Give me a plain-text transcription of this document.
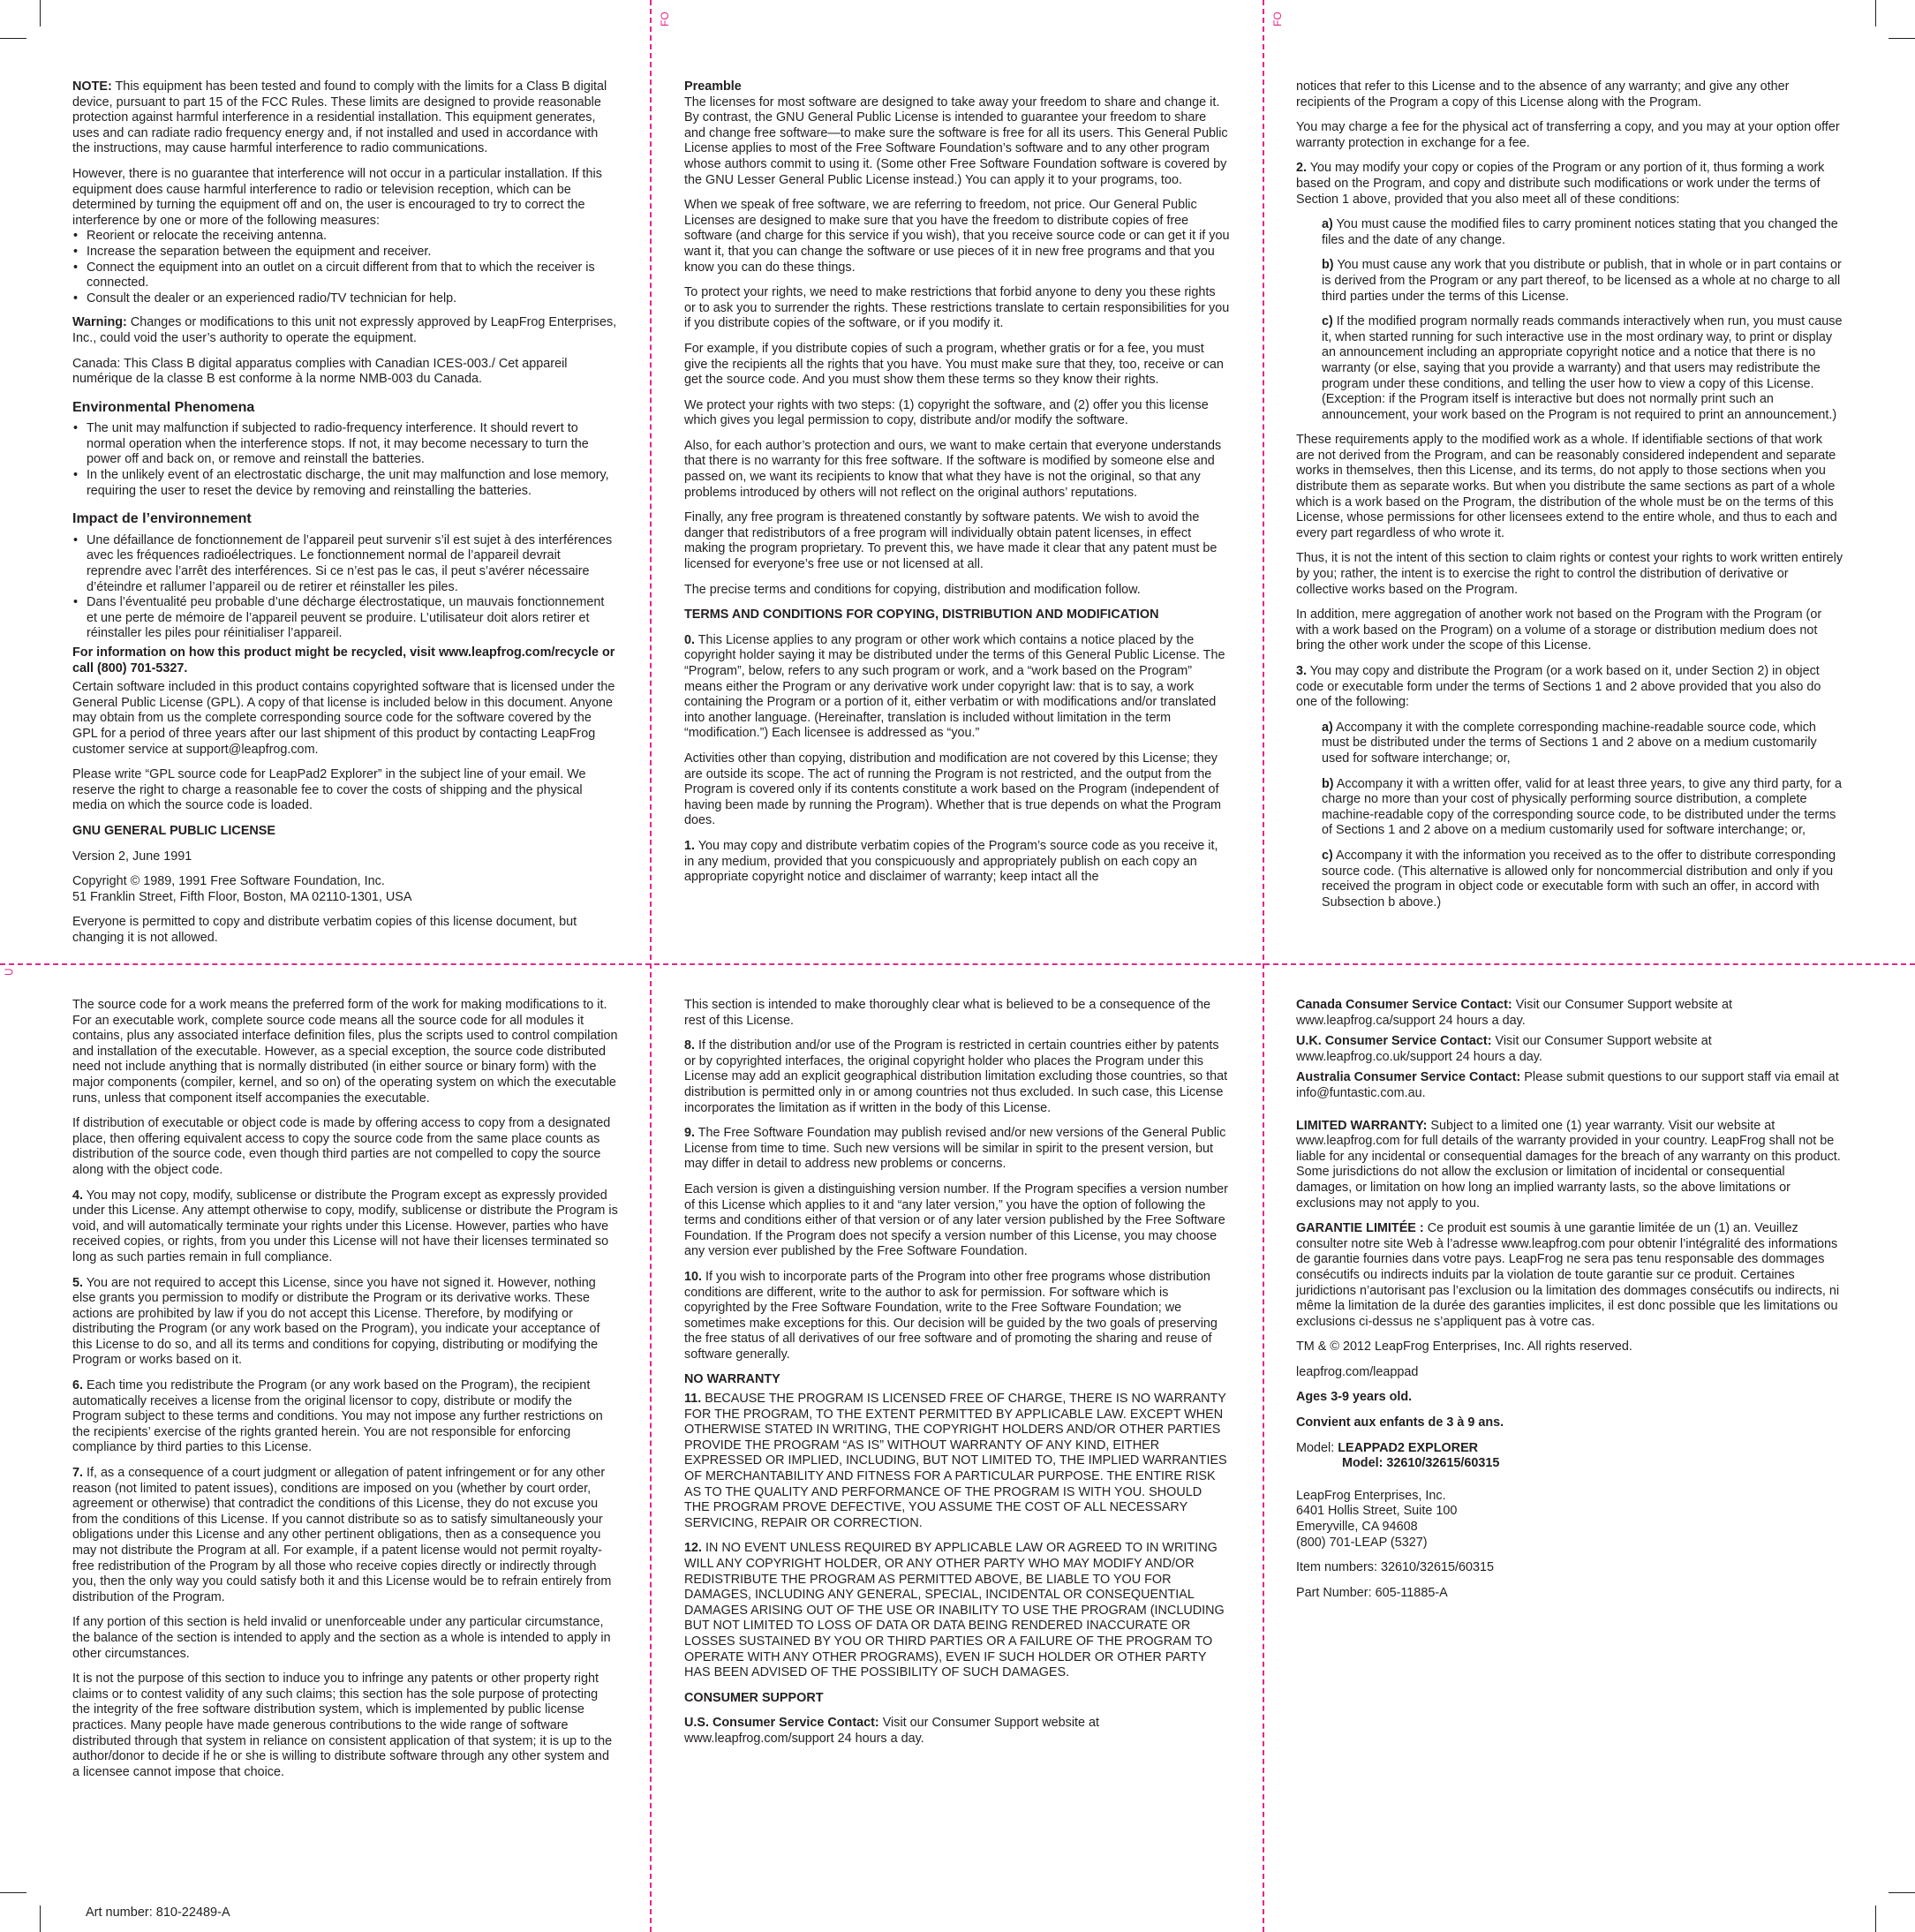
FO	FO
⊃

NOTE: This equipment has been tested and found to comply with the limits for a Class B digital device, pursuant to part 15 of the FCC Rules. These limits are designed to provide reasonable protection against harmful interference in a residential installation. This equipment generates, uses and can radiate radio frequency energy and, if not installed and used in accordance with the instructions, may cause harmful interference to radio communications.

However, there is no guarantee that interference will not occur in a particular installation. If this equipment does cause harmful interference to radio or television reception, which can be determined by turning the equipment off and on, the user is encouraged to try to correct the interference by one or more of the following measures:

• Reorient or relocate the receiving antenna.
• Increase the separation between the equipment and receiver.
• Connect the equipment into an outlet on a circuit different from that to which the receiver is connected.
• Consult the dealer or an experienced radio/TV technician for help.

Warning: Changes or modifications to this unit not expressly approved by LeapFrog Enterprises, Inc., could void the user’s authority to operate the equipment.

Canada: This Class B digital apparatus complies with Canadian ICES-003./ Cet appareil numérique de la classe B est conforme à la norme NMB-003 du Canada.

Environmental Phenomena
• The unit may malfunction if subjected to radio-frequency interference. It should revert to normal operation when the interference stops. If not, it may become necessary to turn the power off and back on, or remove and reinstall the batteries.
• In the unlikely event of an electrostatic discharge, the unit may malfunction and lose memory, requiring the user to reset the device by removing and reinstalling the batteries.
Impact de l’environnement
• Une défaillance de fonctionnement de l’appareil peut survenir s’il est sujet à des interférences avec les fréquences radioélectriques. Le fonctionnement normal de l’appareil devrait reprendre avec l’arrêt des interférences. Si ce n’est pas le cas, il peut s’avérer nécessaire d’éteindre et rallumer l’appareil ou de retirer et réinstaller les piles.
• Dans l’éventualité peu probable d’une décharge électrostatique, un mauvais fonctionnement et une perte de mémoire de l’appareil peuvent se produire. L’utilisateur doit alors retirer et réinstaller les piles pour réinitialiser l’appareil.

For information on how this product might be recycled, visit www.leapfrog.com/recycle or call (800) 701-5327.

Certain software included in this product contains copyrighted software that is licensed under the General Public License (GPL). A copy of that license is included below in this document. Anyone may obtain from us the complete corresponding source code for the software covered by the GPL for a period of three years after our last shipment of this product by contacting LeapFrog customer service at support@leapfrog.com.

Please write “GPL source code for LeapPad2 Explorer” in the subject line of your email. We reserve the right to charge a reasonable fee to cover the costs of shipping and the physical media on which the source code is loaded.

GNU GENERAL PUBLIC LICENSE

Version 2, June 1991

Copyright © 1989, 1991 Free Software Foundation, Inc.
51 Franklin Street, Fifth Floor, Boston, MA 02110-1301, USA

Everyone is permitted to copy and distribute verbatim copies of this license document, but changing it is not allowed.

Preamble

The licenses for most software are designed to take away your freedom to share and change it. By contrast, the GNU General Public License is intended to guarantee your freedom to share and change free software—to make sure the software is free for all its users. This General Public License applies to most of the Free Software Foundation’s software and to any other program whose authors commit to using it. (Some other Free Software Foundation software is covered by the GNU Lesser General Public License instead.) You can apply it to your programs, too.

When we speak of free software, we are referring to freedom, not price. Our General Public Licenses are designed to make sure that you have the freedom to distribute copies of free software (and charge for this service if you wish), that you receive source code or can get it if you want it, that you can change the software or use pieces of it in new free programs and that you know you can do these things.

To protect your rights, we need to make restrictions that forbid anyone to deny you these rights or to ask you to surrender the rights. These restrictions translate to certain responsibilities for you if you distribute copies of the software, or if you modify it.

For example, if you distribute copies of such a program, whether gratis or for a fee, you must give the recipients all the rights that you have. You must make sure that they, too, receive or can get the source code. And you must show them these terms so they know their rights.

We protect your rights with two steps: (1) copyright the software, and (2) offer you this license which gives you legal permission to copy, distribute and/or modify the software.

Also, for each author’s protection and ours, we want to make certain that everyone understands that there is no warranty for this free software. If the software is modified by someone else and passed on, we want its recipients to know that what they have is not the original, so that any problems introduced by others will not reflect on the original authors’ reputations.

Finally, any free program is threatened constantly by software patents. We wish to avoid the danger that redistributors of a free program will individually obtain patent licenses, in effect making the program proprietary. To prevent this, we have made it clear that any patent must be licensed for everyone’s free use or not licensed at all.

The precise terms and conditions for copying, distribution and modification follow.

TERMS AND CONDITIONS FOR COPYING, DISTRIBUTION AND MODIFICATION

0. This License applies to any program or other work which contains a notice placed by the copyright holder saying it may be distributed under the terms of this General Public License. The “Program”, below, refers to any such program or work, and a “work based on the Program” means either the Program or any derivative work under copyright law: that is to say, a work containing the Program or a portion of it, either verbatim or with modifications and/or translated into another language. (Hereinafter, translation is included without limitation in the term “modification.”) Each licensee is addressed as “you.”

Activities other than copying, distribution and modification are not covered by this License; they are outside its scope. The act of running the Program is not restricted, and the output from the Program is covered only if its contents constitute a work based on the Program (independent of having been made by running the Program). Whether that is true depends on what the Program does.

1. You may copy and distribute verbatim copies of the Program’s source code as you receive it, in any medium, provided that you conspicuously and appropriately publish on each copy an appropriate copyright notice and disclaimer of warranty; keep intact all the

notices that refer to this License and to the absence of any warranty; and give any other recipients of the Program a copy of this License along with the Program.

You may charge a fee for the physical act of transferring a copy, and you may at your option offer warranty protection in exchange for a fee.

2. You may modify your copy or copies of the Program or any portion of it, thus forming a work based on the Program, and copy and distribute such modifications or work under the terms of Section 1 above, provided that you also meet all of these conditions:

a) You must cause the modified files to carry prominent notices stating that you changed the files and the date of any change.

b) You must cause any work that you distribute or publish, that in whole or in part contains or is derived from the Program or any part thereof, to be licensed as a whole at no charge to all third parties under the terms of this License.

c) If the modified program normally reads commands interactively when run, you must cause it, when started running for such interactive use in the most ordinary way, to print or display an announcement including an appropriate copyright notice and a notice that there is no warranty (or else, saying that you provide a warranty) and that users may redistribute the program under these conditions, and telling the user how to view a copy of this License. (Exception: if the Program itself is interactive but does not normally print such an announcement, your work based on the Program is not required to print an announcement.)

These requirements apply to the modified work as a whole. If identifiable sections of that work are not derived from the Program, and can be reasonably considered independent and separate works in themselves, then this License, and its terms, do not apply to those sections when you distribute them as separate works. But when you distribute the same sections as part of a whole which is a work based on the Program, the distribution of the whole must be on the terms of this License, whose permissions for other licensees extend to the entire whole, and thus to each and every part regardless of who wrote it.

Thus, it is not the intent of this section to claim rights or contest your rights to work written entirely by you; rather, the intent is to exercise the right to control the distribution of derivative or collective works based on the Program.

In addition, mere aggregation of another work not based on the Program with the Program (or with a work based on the Program) on a volume of a storage or distribution medium does not bring the other work under the scope of this License.

3. You may copy and distribute the Program (or a work based on it, under Section 2) in object code or executable form under the terms of Sections 1 and 2 above provided that you also do one of the following:

a) Accompany it with the complete corresponding machine-readable source code, which must be distributed under the terms of Sections 1 and 2 above on a medium customarily used for software interchange; or,

b) Accompany it with a written offer, valid for at least three years, to give any third party, for a charge no more than your cost of physically performing source distribution, a complete machine-readable copy of the corresponding source code, to be distributed under the terms of Sections 1 and 2 above on a medium customarily used for software interchange; or,

c) Accompany it with the information you received as to the offer to distribute corresponding source code. (This alternative is allowed only for noncommercial distribution and only if you received the program in object code or executable form with such an offer, in accord with Subsection b above.)

The source code for a work means the preferred form of the work for making modifications to it. For an executable work, complete source code means all the source code for all modules it contains, plus any associated interface definition files, plus the scripts used to control compilation and installation of the executable. However, as a special exception, the source code distributed need not include anything that is normally distributed (in either source or binary form) with the major components (compiler, kernel, and so on) of the operating system on which the executable runs, unless that component itself accompanies the executable.

If distribution of executable or object code is made by offering access to copy from a designated place, then offering equivalent access to copy the source code from the same place counts as distribution of the source code, even though third parties are not compelled to copy the source along with the object code.

4. You may not copy, modify, sublicense or distribute the Program except as expressly provided under this License. Any attempt otherwise to copy, modify, sublicense or distribute the Program is void, and will automatically terminate your rights under this License. However, parties who have received copies, or rights, from you under this License will not have their licenses terminated so long as such parties remain in full compliance.

5. You are not required to accept this License, since you have not signed it. However, nothing else grants you permission to modify or distribute the Program or its derivative works. These actions are prohibited by law if you do not accept this License. Therefore, by modifying or distributing the Program (or any work based on the Program), you indicate your acceptance of this License to do so, and all its terms and conditions for copying, distributing or modifying the Program or works based on it.

6. Each time you redistribute the Program (or any work based on the Program), the recipient automatically receives a license from the original licensor to copy, distribute or modify the Program subject to these terms and conditions. You may not impose any further restrictions on the recipients’ exercise of the rights granted herein. You are not responsible for enforcing compliance by third parties to this License.

7. If, as a consequence of a court judgment or allegation of patent infringement or for any other reason (not limited to patent issues), conditions are imposed on you (whether by court order, agreement or otherwise) that contradict the conditions of this License, they do not excuse you from the conditions of this License. If you cannot distribute so as to satisfy simultaneously your obligations under this License and any other pertinent obligations, then as a consequence you may not distribute the Program at all. For example, if a patent license would not permit royalty-free redistribution of the Program by all those who receive copies directly or indirectly through you, then the only way you could satisfy both it and this License would be to refrain entirely from distribution of the Program.

If any portion of this section is held invalid or unenforceable under any particular circumstance, the balance of the section is intended to apply and the section as a whole is intended to apply in other circumstances.

It is not the purpose of this section to induce you to infringe any patents or other property right claims or to contest validity of any such claims; this section has the sole purpose of protecting the integrity of the free software distribution system, which is implemented by public license practices. Many people have made generous contributions to the wide range of software distributed through that system in reliance on consistent application of that system; it is up to the author/donor to decide if he or she is willing to distribute software through any other system and a licensee cannot impose that choice.

This section is intended to make thoroughly clear what is believed to be a consequence of the rest of this License.

8. If the distribution and/or use of the Program is restricted in certain countries either by patents or by copyrighted interfaces, the original copyright holder who places the Program under this License may add an explicit geographical distribution limitation excluding those countries, so that distribution is permitted only in or among countries not thus excluded. In such case, this License incorporates the limitation as if written in the body of this License.

9. The Free Software Foundation may publish revised and/or new versions of the General Public License from time to time. Such new versions will be similar in spirit to the present version, but may differ in detail to address new problems or concerns.

Each version is given a distinguishing version number. If the Program specifies a version number of this License which applies to it and “any later version,” you have the option of following the terms and conditions either of that version or of any later version published by the Free Software Foundation. If the Program does not specify a version number of this License, you may choose any version ever published by the Free Software Foundation.

10. If you wish to incorporate parts of the Program into other free programs whose distribution conditions are different, write to the author to ask for permission. For software which is copyrighted by the Free Software Foundation, write to the Free Software Foundation; we sometimes make exceptions for this. Our decision will be guided by the two goals of preserving the free status of all derivatives of our free software and of promoting the sharing and reuse of software generally.

NO WARRANTY

11. BECAUSE THE PROGRAM IS LICENSED FREE OF CHARGE, THERE IS NO WARRANTY FOR THE PROGRAM, TO THE EXTENT PERMITTED BY APPLICABLE LAW. EXCEPT WHEN OTHERWISE STATED IN WRITING, THE COPYRIGHT HOLDERS AND/OR OTHER PARTIES PROVIDE THE PROGRAM “AS IS” WITHOUT WARRANTY OF ANY KIND, EITHER EXPRESSED OR IMPLIED, INCLUDING, BUT NOT LIMITED TO, THE IMPLIED WARRANTIES OF MERCHANTABILITY AND FITNESS FOR A PARTICULAR PURPOSE. THE ENTIRE RISK AS TO THE QUALITY AND PERFORMANCE OF THE PROGRAM IS WITH YOU. SHOULD THE PROGRAM PROVE DEFECTIVE, YOU ASSUME THE COST OF ALL NECESSARY SERVICING, REPAIR OR CORRECTION.

12. IN NO EVENT UNLESS REQUIRED BY APPLICABLE LAW OR AGREED TO IN WRITING WILL ANY COPYRIGHT HOLDER, OR ANY OTHER PARTY WHO MAY MODIFY AND/OR REDISTRIBUTE THE PROGRAM AS PERMITTED ABOVE, BE LIABLE TO YOU FOR DAMAGES, INCLUDING ANY GENERAL, SPECIAL, INCIDENTAL OR CONSEQUENTIAL DAMAGES ARISING OUT OF THE USE OR INABILITY TO USE THE PROGRAM (INCLUDING BUT NOT LIMITED TO LOSS OF DATA OR DATA BEING RENDERED INACCURATE OR LOSSES SUSTAINED BY YOU OR THIRD PARTIES OR A FAILURE OF THE PROGRAM TO OPERATE WITH ANY OTHER PROGRAMS), EVEN IF SUCH HOLDER OR OTHER PARTY HAS BEEN ADVISED OF THE POSSIBILITY OF SUCH DAMAGES.

CONSUMER SUPPORT

U.S. Consumer Service Contact: Visit our Consumer Support website at www.leapfrog.com/support 24 hours a day.

Canada Consumer Service Contact: Visit our Consumer Support website at www.leapfrog.ca/support 24 hours a day.

U.K. Consumer Service Contact: Visit our Consumer Support website at www.leapfrog.co.uk/support 24 hours a day.

Australia Consumer Service Contact: Please submit questions to our support staff via email at info@funtastic.com.au.

LIMITED WARRANTY: Subject to a limited one (1) year warranty. Visit our website at www.leapfrog.com for full details of the warranty provided in your country. LeapFrog shall not be liable for any incidental or consequential damages for the breach of any warranty on this product. Some jurisdictions do not allow the exclusion or limitation of incidental or consequential damages, or limitation on how long an implied warranty lasts, so the above limitations or exclusions may not apply to you.

GARANTIE LIMITÉE : Ce produit est soumis à une garantie limitée de un (1) an. Veuillez consulter notre site Web à l’adresse www.leapfrog.com pour obtenir l’intégralité des informations de garantie fournies dans votre pays. LeapFrog ne sera pas tenu responsable des dommages consécutifs ou indirects induits par la violation de toute garantie sur ce produit. Certaines juridictions n’autorisant pas l’exclusion ou la limitation des dommages consécutifs ou indirects, ni même la limitation de la durée des garanties implicites, il est donc possible que les limitations ou exclusions ci-dessus ne s’appliquent pas à votre cas.

TM & © 2012 LeapFrog Enterprises, Inc. All rights reserved.

leapfrog.com/leappad

Ages 3-9 years old.

Convient aux enfants de 3 à 9 ans.

Model: LEAPPAD2 EXPLORER

Model: 32610/32615/60315

LeapFrog Enterprises, Inc.
6401 Hollis Street, Suite 100
Emeryville, CA 94608
(800) 701-LEAP (5327)

Item numbers: 32610/32615/60315

Part Number: 605-11885-A

Art number: 810-22489-A
